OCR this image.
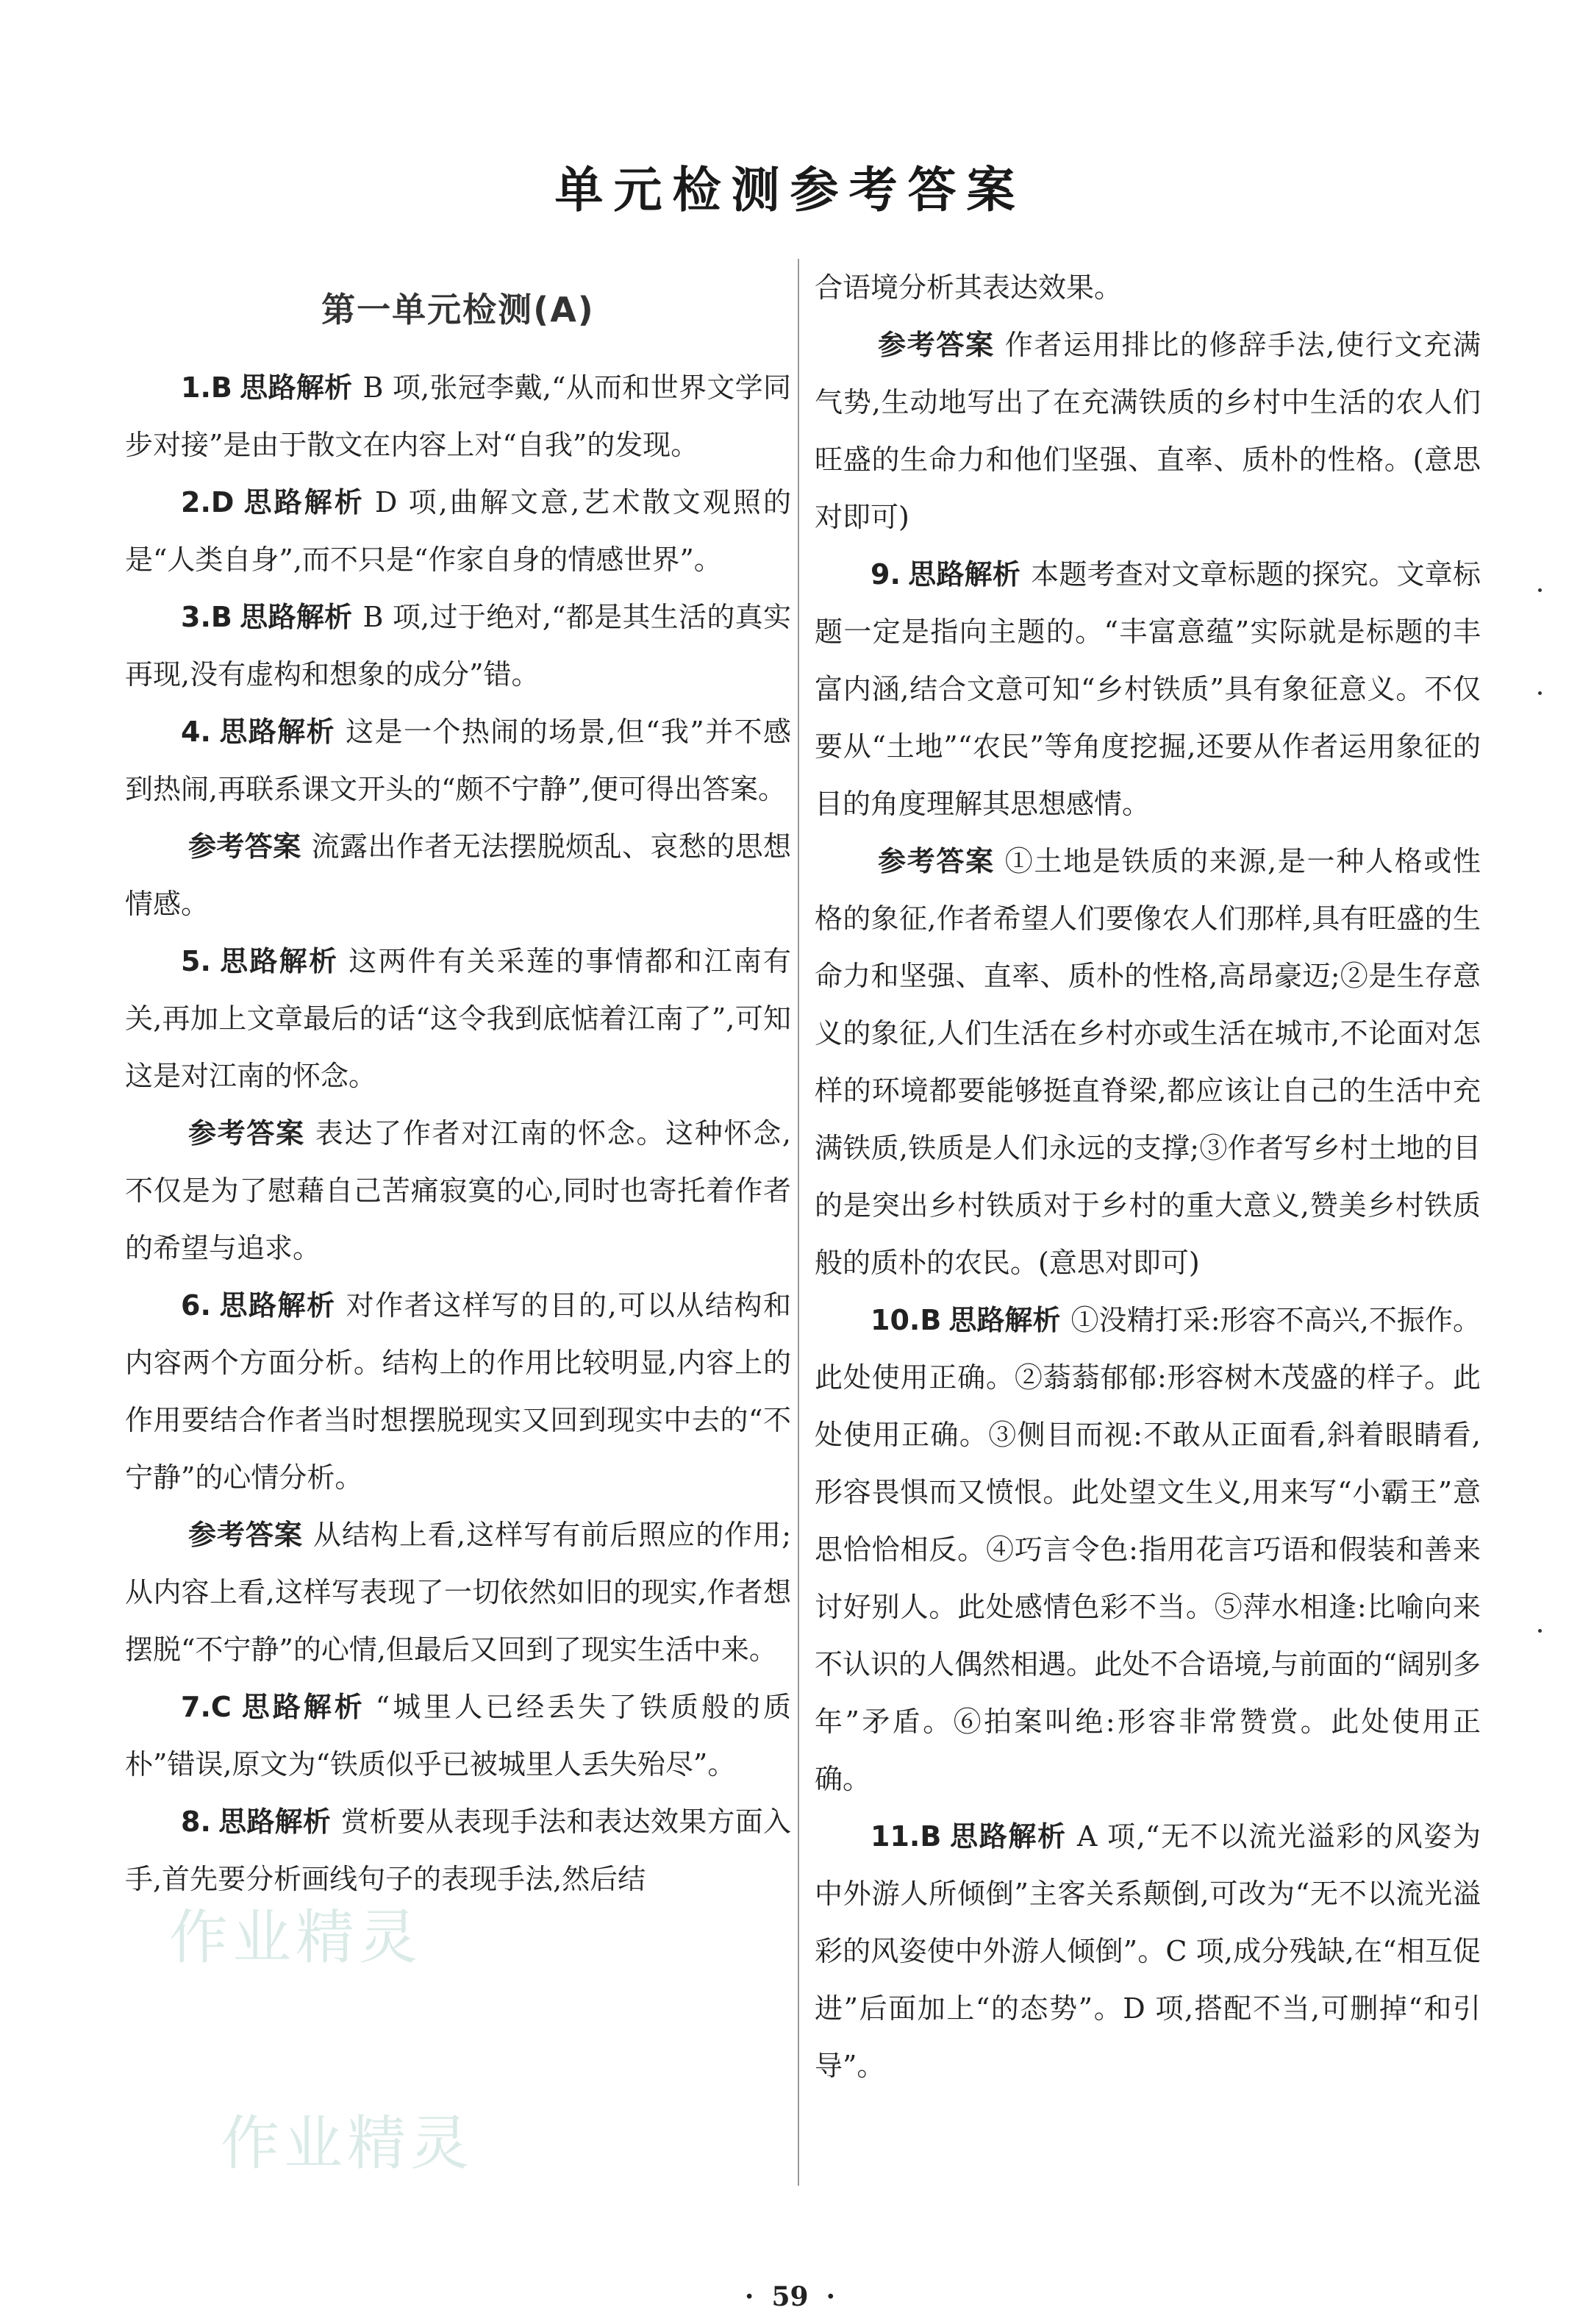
单元检测参考答案
第一单元检测(A)

1.B 思路解析 B 项,张冠李戴,“从而和世界文学同步对接”是由于散文在内容上对“自我”的发现。

2.D 思路解析 D 项,曲解文意,艺术散文观照的是“人类自身”,而不只是“作家自身的情感世界”。

3.B 思路解析 B 项,过于绝对,“都是其生活的真实再现,没有虚构和想象的成分”错。

4. 思路解析 这是一个热闹的场景,但“我”并不感到热闹,再联系课文开头的“颇不宁静”,便可得出答案。

参考答案 流露出作者无法摆脱烦乱、哀愁的思想情感。

5. 思路解析 这两件有关采莲的事情都和江南有关,再加上文章最后的话“这令我到底惦着江南了”,可知这是对江南的怀念。

参考答案 表达了作者对江南的怀念。这种怀念,不仅是为了慰藉自己苦痛寂寞的心,同时也寄托着作者的希望与追求。

6. 思路解析 对作者这样写的目的,可以从结构和内容两个方面分析。结构上的作用比较明显,内容上的作用要结合作者当时想摆脱现实又回到现实中去的“不宁静”的心情分析。

参考答案 从结构上看,这样写有前后照应的作用;从内容上看,这样写表现了一切依然如旧的现实,作者想摆脱“不宁静”的心情,但最后又回到了现实生活中来。

7.C 思路解析 “城里人已经丢失了铁质般的质朴”错误,原文为“铁质似乎已被城里人丢失殆尽”。

8. 思路解析 赏析要从表现手法和表达效果方面入手,首先要分析画线句子的表现手法,然后结

合语境分析其表达效果。

参考答案 作者运用排比的修辞手法,使行文充满气势,生动地写出了在充满铁质的乡村中生活的农人们旺盛的生命力和他们坚强、直率、质朴的性格。(意思对即可)

9. 思路解析 本题考查对文章标题的探究。文章标题一定是指向主题的。“丰富意蕴”实际就是标题的丰富内涵,结合文意可知“乡村铁质”具有象征意义。不仅要从“土地”“农民”等角度挖掘,还要从作者运用象征的目的角度理解其思想感情。

参考答案 ①土地是铁质的来源,是一种人格或性格的象征,作者希望人们要像农人们那样,具有旺盛的生命力和坚强、直率、质朴的性格,高昂豪迈;②是生存意义的象征,人们生活在乡村亦或生活在城市,不论面对怎样的环境都要能够挺直脊梁,都应该让自己的生活中充满铁质,铁质是人们永远的支撑;③作者写乡村土地的目的是突出乡村铁质对于乡村的重大意义,赞美乡村铁质般的质朴的农民。(意思对即可)

10.B 思路解析 ①没精打采:形容不高兴,不振作。此处使用正确。②蓊蓊郁郁:形容树木茂盛的样子。此处使用正确。③侧目而视:不敢从正面看,斜着眼睛看,形容畏惧而又愤恨。此处望文生义,用来写“小霸王”意思恰恰相反。④巧言令色:指用花言巧语和假装和善来讨好别人。此处感情色彩不当。⑤萍水相逢:比喻向来不认识的人偶然相遇。此处不合语境,与前面的“阔别多年”矛盾。⑥拍案叫绝:形容非常赞赏。此处使用正确。

11.B 思路解析 A 项,“无不以流光溢彩的风姿为中外游人所倾倒”主客关系颠倒,可改为“无不以流光溢彩的风姿使中外游人倾倒”。C 项,成分残缺,在“相互促进”后面加上“的态势”。D 项,搭配不当,可删掉“和引导”。

作业精灵
作业精灵
· 59 ·
